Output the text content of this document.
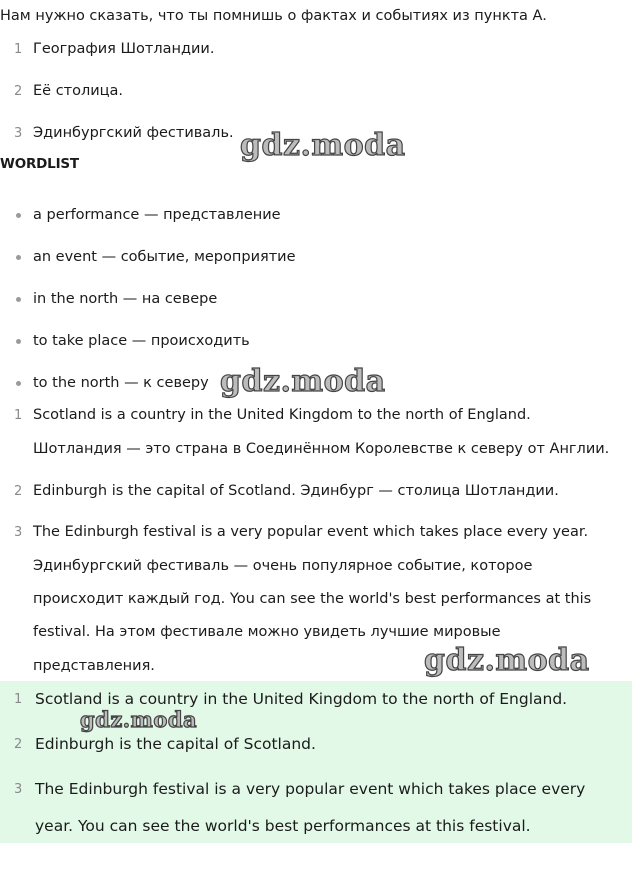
Нам нужно сказать, что ты помнишь о фактах и событиях из пункта A.
1 География Шотландии.
2 Её столица.
3 Эдинбургский фестиваль.
WORDLIST
a performance — представление
an event — событие, мероприятие
in the north — на севере
to take place — происходить
to the north — к северу
1 Scotland is a country in the United Kingdom to the north of England.
Шотландия — это страна в Соединённом Королевстве к северу от Англии.
2 Edinburgh is the capital of Scotland. Эдинбург — столица Шотландии.
3 The Edinburgh festival is a very popular event which takes place every year.
Эдинбургский фестиваль — очень популярное событие, которое
происходит каждый год. You can see the world's best performances at this
festival. На этом фестивале можно увидеть лучшие мировые
представления.
1 Scotland is a country in the United Kingdom to the north of England.
2 Edinburgh is the capital of Scotland.
3 The Edinburgh festival is a very popular event which takes place every
year. You can see the world's best performances at this festival.
gdz.moda
gdz.moda
gdz.moda
gdz.moda
